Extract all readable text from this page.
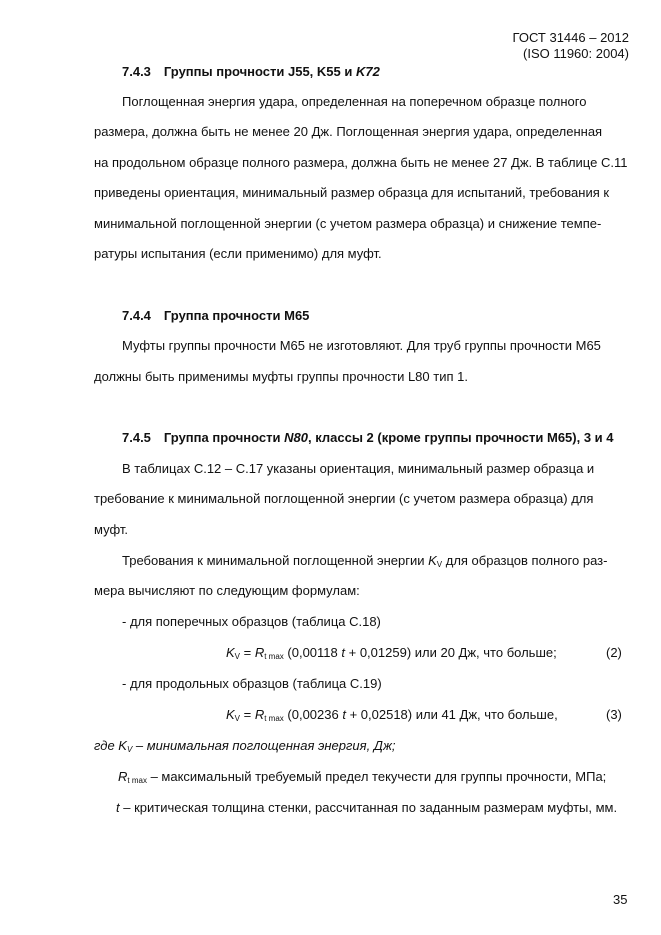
ГОСТ 31446 – 2012
(ISO 11960: 2004)
7.4.3 Группы прочности J55, K55 и K72
Поглощенная энергия удара, определенная на поперечном образце полного
размера, должна быть не менее 20 Дж. Поглощенная энергия удара, определенная
на продольном образце полного размера, должна быть не менее 27 Дж. В таблице С.11
приведены ориентация, минимальный размер образца для испытаний, требования к
минимальной поглощенной энергии (с учетом размера образца) и снижение темпе-
ратуры испытания (если применимо) для муфт.
7.4.4 Группа прочности М65
Муфты группы прочности М65 не изготовляют. Для труб группы прочности М65
должны быть применимы муфты группы прочности L80 тип 1.
7.4.5 Группа прочности N80, классы 2 (кроме группы прочности М65), 3 и 4
В таблицах С.12 – С.17 указаны ориентация, минимальный размер образца и
требование к минимальной поглощенной энергии (с учетом размера образца) для
муфт.
Требования к минимальной поглощенной энергии $K_V$ для образцов полного раз-
мера вычисляют по следующим формулам:
- для поперечных образцов (таблица С.18)
$K_V = R_{t max}$ (0,00118 t + 0,01259) или 20 Дж, что больше;	(2)
- для продольных образцов (таблица С.19)
$K_V = R_{t max}$ (0,00236 t + 0,02518) или 41 Дж, что больше,	(3)
где $K_V$ – минимальная поглощенная энергия, Дж;
$R_{t max}$ – максимальный требуемый предел текучести для группы прочности, МПа;
t – критическая толщина стенки, рассчитанная по заданным размерам муфты, мм.
35
